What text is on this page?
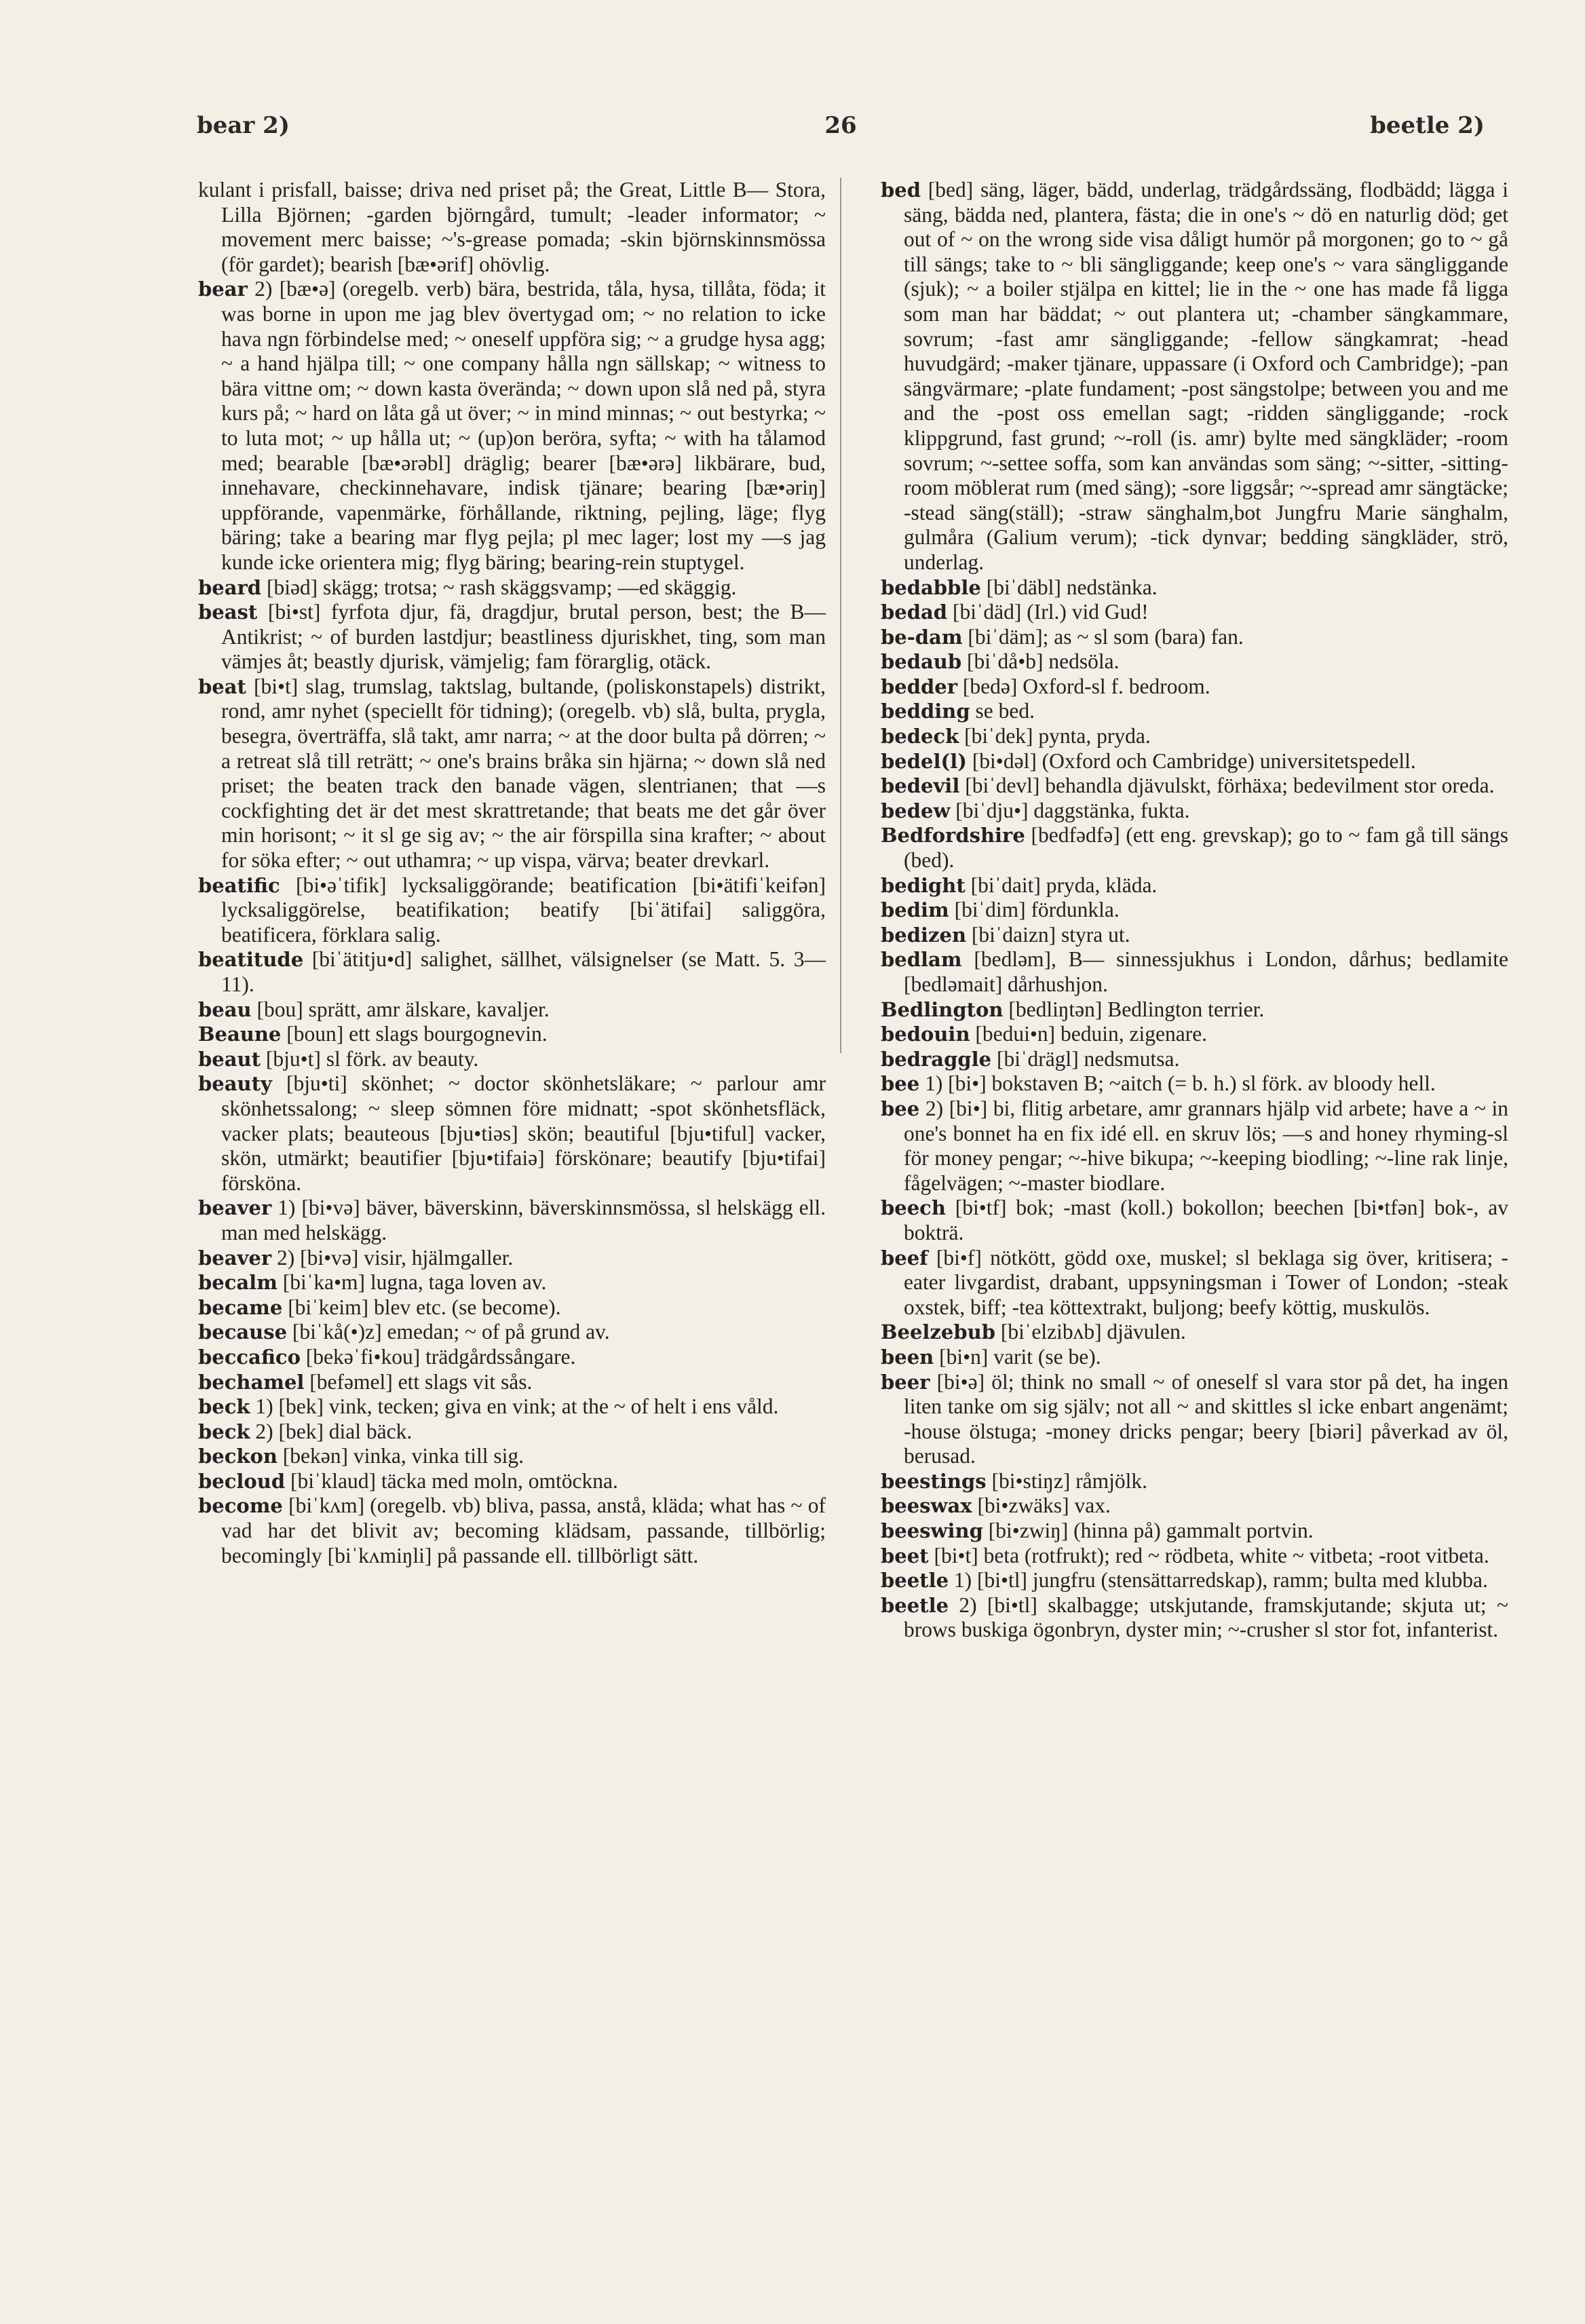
bear 2)	26	beetle 2)

kulant i prisfall, baisse; driva ned priset på; the Great, Little B— Stora, Lilla Björnen; -garden björngård, tumult; -leader informator; ~ movement merc baisse; ~'s-grease pomada; -skin björnskinnsmössa (för gardet); bearish [bæ•ərif] ohövlig.

bear 2) [bæ•ə] (oregelb. verb) bära, bestrida, tåla, hysa, tillåta, föda; it was borne in upon me jag blev övertygad om; ~ no relation to icke hava ngn förbindelse med; ~ oneself uppföra sig; ~ a grudge hysa agg; ~ a hand hjälpa till; ~ one company hålla ngn sällskap; ~ witness to bära vittne om; ~ down kasta överända; ~ down upon slå ned på, styra kurs på; ~ hard on låta gå ut över; ~ in mind minnas; ~ out bestyrka; ~ to luta mot; ~ up hålla ut; ~ (up)on beröra, syfta; ~ with ha tålamod med; bearable [bæ•ərəbl] dräglig; bearer [bæ•ərə] likbärare, bud, innehavare, checkinnehavare, indisk tjänare; bearing [bæ•əriŋ] uppförande, vapenmärke, förhållande, riktning, pejling, läge; flyg bäring; take a bearing mar flyg pejla; pl mec lager; lost my —s jag kunde icke orientera mig; flyg bäring; bearing-rein stuptygel.

beard [biəd] skägg; trotsa; ~ rash skäggsvamp; —ed skäggig.

beast [bi•st] fyrfota djur, fä, dragdjur, brutal person, best; the B— Antikrist; ~ of burden lastdjur; beastliness djuriskhet, ting, som man vämjes åt; beastly djurisk, vämjelig; fam förarglig, otäck.

beat [bi•t] slag, trumslag, taktslag, bultande, (poliskonstapels) distrikt, rond, amr nyhet (speciellt för tidning); (oregelb. vb) slå, bulta, prygla, besegra, överträffa, slå takt, amr narra; ~ at the door bulta på dörren; ~ a retreat slå till reträtt; ~ one's brains bråka sin hjärna; ~ down slå ned priset; the beaten track den banade vägen, slentrianen; that —s cockfighting det är det mest skrattretande; that beats me det går över min horisont; ~ it sl ge sig av; ~ the air förspilla sina krafter; ~ about for söka efter; ~ out uthamra; ~ up vispa, värva; beater drevkarl.

beatific [bi•əˈtifik] lycksaliggörande; beatification [bi•ätifiˈkeifən] lycksaliggörelse, beatifikation; beatify [biˈätifai] saliggöra, beatificera, förklara salig.

beatitude [biˈätitju•d] salighet, sällhet, välsignelser (se Matt. 5. 3—11).

beau [bou] sprätt, amr älskare, kavaljer.

Beaune [boun] ett slags bourgognevin.

beaut [bju•t] sl förk. av beauty.

beauty [bju•ti] skönhet; ~ doctor skönhetsläkare; ~ parlour amr skönhetssalong; ~ sleep sömnen före midnatt; -spot skönhetsfläck, vacker plats; beauteous [bju•tiəs] skön; beautiful [bju•tiful] vacker, skön, utmärkt; beautifier [bju•tifaiə] förskönare; beautify [bju•tifai] försköna.

beaver 1) [bi•və] bäver, bäverskinn, bäverskinnsmössa, sl helskägg ell. man med helskägg.

beaver 2) [bi•və] visir, hjälmgaller.

becalm [biˈka•m] lugna, taga loven av.

became [biˈkeim] blev etc. (se become).

because [biˈkå(•)z] emedan; ~ of på grund av.

beccafico [bekəˈfi•kou] trädgårdssångare.

bechamel [befəmel] ett slags vit sås.

beck 1) [bek] vink, tecken; giva en vink; at the ~ of helt i ens våld.

beck 2) [bek] dial bäck.

beckon [bekən] vinka, vinka till sig.

becloud [biˈklaud] täcka med moln, omtöckna.

become [biˈkʌm] (oregelb. vb) bliva, passa, anstå, kläda; what has ~ of vad har det blivit av; becoming klädsam, passande, tillbörlig; becomingly [biˈkʌmiŋli] på passande ell. tillbörligt sätt.

bed [bed] säng, läger, bädd, underlag, trädgårdssäng, flodbädd; lägga i säng, bädda ned, plantera, fästa; die in one's ~ dö en naturlig död; get out of ~ on the wrong side visa dåligt humör på morgonen; go to ~ gå till sängs; take to ~ bli sängliggande; keep one's ~ vara sängliggande (sjuk); ~ a boiler stjälpa en kittel; lie in the ~ one has made få ligga som man har bäddat; ~ out plantera ut; -chamber sängkammare, sovrum; -fast amr sängliggande; -fellow sängkamrat; -head huvudgärd; -maker tjänare, uppassare (i Oxford och Cambridge); -pan sängvärmare; -plate fundament; -post sängstolpe; between you and me and the -post oss emellan sagt; -ridden sängliggande; -rock klippgrund, fast grund; ~-roll (is. amr) bylte med sängkläder; -room sovrum; ~-settee soffa, som kan användas som säng; ~-sitter, -sitting-room möblerat rum (med säng); -sore liggsår; ~-spread amr sängtäcke; -stead säng(ställ); -straw sänghalm,bot Jungfru Marie sänghalm, gulmåra (Galium verum); -tick dynvar; bedding sängkläder, strö, underlag.

bedabble [biˈdäbl] nedstänka.

bedad [biˈdäd] (Irl.) vid Gud!

be-dam [biˈdäm]; as ~ sl som (bara) fan.

bedaub [biˈdå•b] nedsöla.

bedder [bedə] Oxford-sl f. bedroom.

bedding se bed.

bedeck [biˈdek] pynta, pryda.

bedel(l) [bi•dəl] (Oxford och Cambridge) universitetspedell.

bedevil [biˈdevl] behandla djävulskt, förhäxa; bedevilment stor oreda.

bedew [biˈdju•] daggstänka, fukta.

Bedfordshire [bedfədfə] (ett eng. grevskap); go to ~ fam gå till sängs (bed).

bedight [biˈdait] pryda, kläda.

bedim [biˈdim] fördunkla.

bedizen [biˈdaizn] styra ut.

bedlam [bedləm], B— sinnessjukhus i London, dårhus; bedlamite [bedləmait] dårhushjon.

Bedlington [bedliŋtən] Bedlington terrier.

bedouin [bedui•n] beduin, zigenare.

bedraggle [biˈdrägl] nedsmutsa.

bee 1) [bi•] bokstaven B; ~aitch (= b. h.) sl förk. av bloody hell.

bee 2) [bi•] bi, flitig arbetare, amr grannars hjälp vid arbete; have a ~ in one's bonnet ha en fix idé ell. en skruv lös; —s and honey rhyming-sl för money pengar; ~-hive bikupa; ~-keeping biodling; ~-line rak linje, fågelvägen; ~-master biodlare.

beech [bi•tf] bok; -mast (koll.) bokollon; beechen [bi•tfən] bok-, av bokträ.

beef [bi•f] nötkött, gödd oxe, muskel; sl beklaga sig över, kritisera; -eater livgardist, drabant, uppsyningsman i Tower of London; -steak oxstek, biff; -tea köttextrakt, buljong; beefy köttig, muskulös.

Beelzebub [biˈelzibʌb] djävulen.

been [bi•n] varit (se be).

beer [bi•ə] öl; think no small ~ of oneself sl vara stor på det, ha ingen liten tanke om sig själv; not all ~ and skittles sl icke enbart angenämt; -house ölstuga; -money dricks pengar; beery [biəri] påverkad av öl, berusad.

beestings [bi•stiŋz] råmjölk.

beeswax [bi•zwäks] vax.

beeswing [bi•zwiŋ] (hinna på) gammalt portvin.

beet [bi•t] beta (rotfrukt); red ~ rödbeta, white ~ vitbeta; -root vitbeta.

beetle 1) [bi•tl] jungfru (stensättarredskap), ramm; bulta med klubba.

beetle 2) [bi•tl] skalbagge; utskjutande, framskjutande; skjuta ut; ~ brows buskiga ögonbryn, dyster min; ~-crusher sl stor fot, infanterist.
